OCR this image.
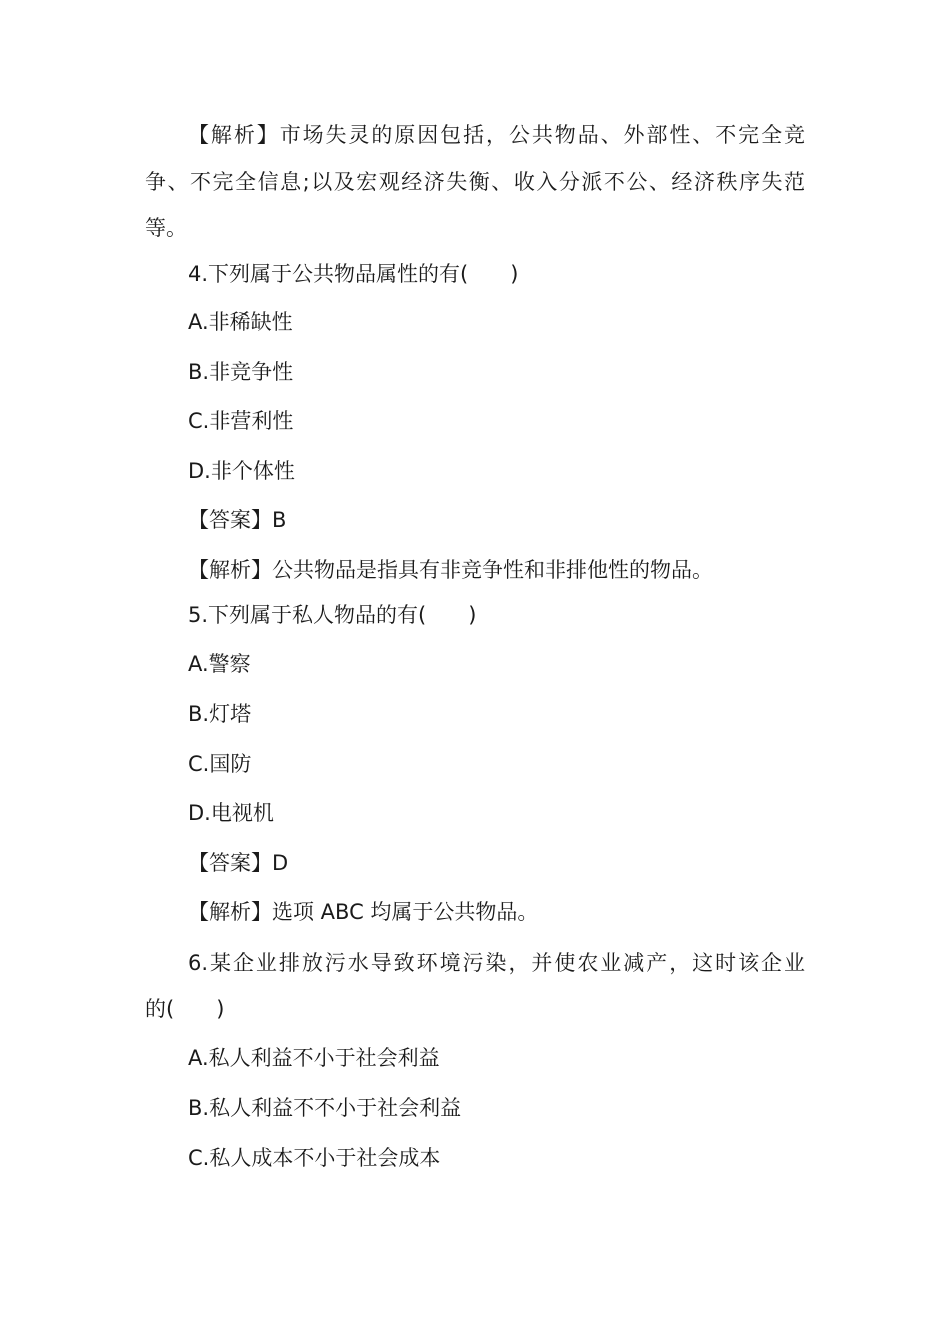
【解析】市场失灵的原因包括，公共物品、外部性、不完全竞

争、不完全信息;以及宏观经济失衡、收入分派不公、经济秩序失范

等。

4.下列属于公共物品属性的有(　　)

A.非稀缺性

B.非竞争性

C.非营利性

D.非个体性

【答案】B

【解析】公共物品是指具有非竞争性和非排他性的物品。

5.下列属于私人物品的有(　　)

A.警察

B.灯塔

C.国防

D.电视机

【答案】D

【解析】选项 ABC 均属于公共物品。

6.某企业排放污水导致环境污染，并使农业减产，这时该企业

的(　　)

A.私人利益不小于社会利益

B.私人利益不不小于社会利益

C.私人成本不小于社会成本
